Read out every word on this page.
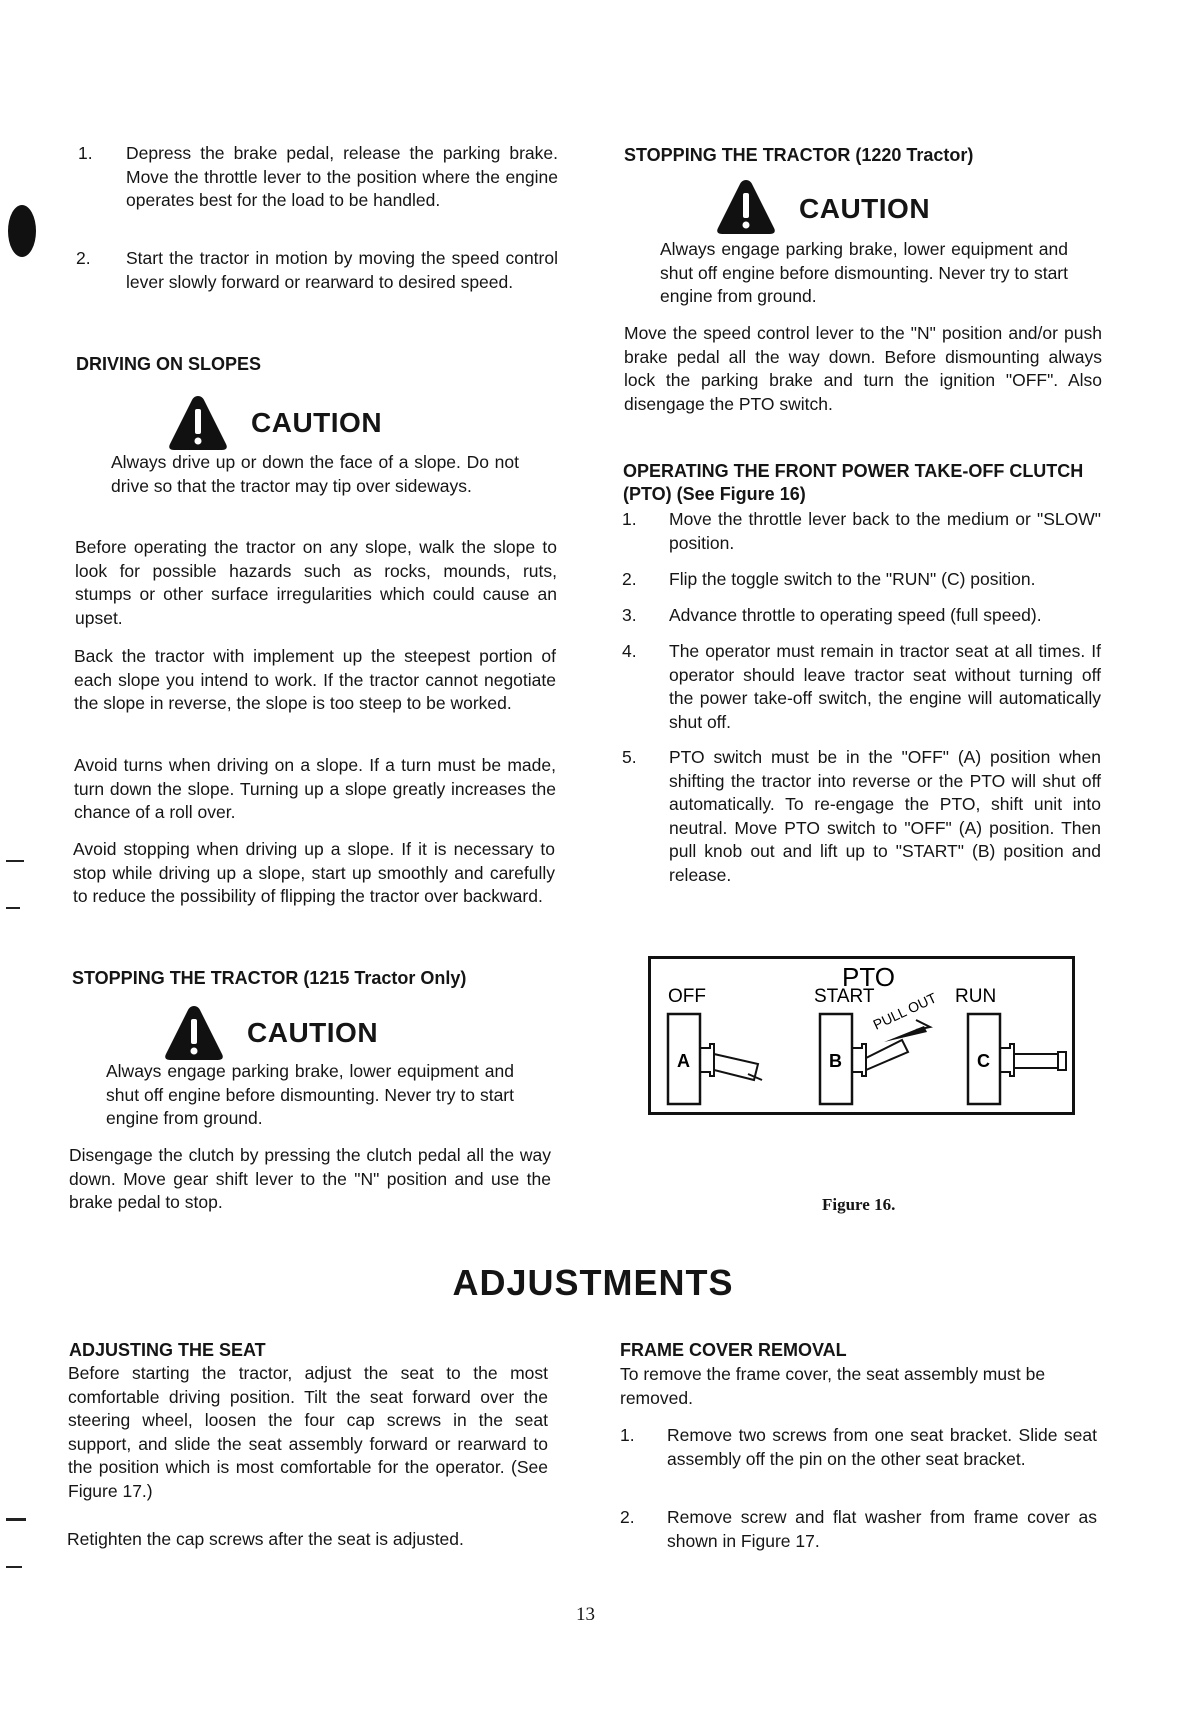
1. Depress the brake pedal, release the parking brake. Move the throttle lever to the position where the engine operates best for the load to be handled.

2. Start the tractor in motion by moving the speed control lever slowly forward or rearward to desired speed.

DRIVING ON SLOPES
CAUTION

Always drive up or down the face of a slope. Do not drive so that the tractor may tip over sideways.

Before operating the tractor on any slope, walk the slope to look for possible hazards such as rocks, mounds, ruts, stumps or other surface irregularities which could cause an upset.

Back the tractor with implement up the steepest portion of each slope you intend to work. If the tractor cannot negotiate the slope in reverse, the slope is too steep to be worked.

Avoid turns when driving on a slope. If a turn must be made, turn down the slope. Turning up a slope greatly increases the chance of a roll over.

Avoid stopping when driving up a slope. If it is necessary to stop while driving up a slope, start up smoothly and carefully to reduce the possibility of flipping the tractor over backward.

STOPPING THE TRACTOR (1215 Tractor Only)
CAUTION

Always engage parking brake, lower equipment and shut off engine before dismounting. Never try to start engine from ground.

Disengage the clutch by pressing the clutch pedal all the way down. Move gear shift lever to the "N" position and use the brake pedal to stop.

STOPPING THE TRACTOR (1220 Tractor)
CAUTION

Always engage parking brake, lower equipment and shut off engine before dismounting. Never try to start engine from ground.

Move the speed control lever to the "N" position and/or push brake pedal all the way down. Before dismounting always lock the parking brake and turn the ignition "OFF". Also disengage the PTO switch.

OPERATING THE FRONT POWER TAKE-OFF CLUTCH (PTO) (See Figure 16)
1. Move the throttle lever back to the medium or "SLOW" position.

2. Flip the toggle switch to the "RUN" (C) position.

3. Advance throttle to operating speed (full speed).

4. The operator must remain in tractor seat at all times. If operator should leave tractor seat without turning off the power take-off switch, the engine will automatically shut off.

5. PTO switch must be in the "OFF" (A) position when shifting the tractor into reverse or the PTO will shut off automatically. To re-engage the PTO, shift unit into neutral. Move PTO switch to "OFF" (A) position. Then pull knob out and lift up to "START" (B) position and release.

PTO
OFF	START	RUN
PULL OUT
A	B	C
Figure 16.
ADJUSTMENTS
ADJUSTING THE SEAT

Before starting the tractor, adjust the seat to the most comfortable driving position. Tilt the seat forward over the steering wheel, loosen the four cap screws in the seat support, and slide the seat assembly forward or rearward to the position which is most comfortable for the operator. (See Figure 17.)

Retighten the cap screws after the seat is adjusted.

FRAME COVER REMOVAL

To remove the frame cover, the seat assembly must be removed.

1. Remove two screws from one seat bracket. Slide seat assembly off the pin on the other seat bracket.

2. Remove screw and flat washer from frame cover as shown in Figure 17.

13
